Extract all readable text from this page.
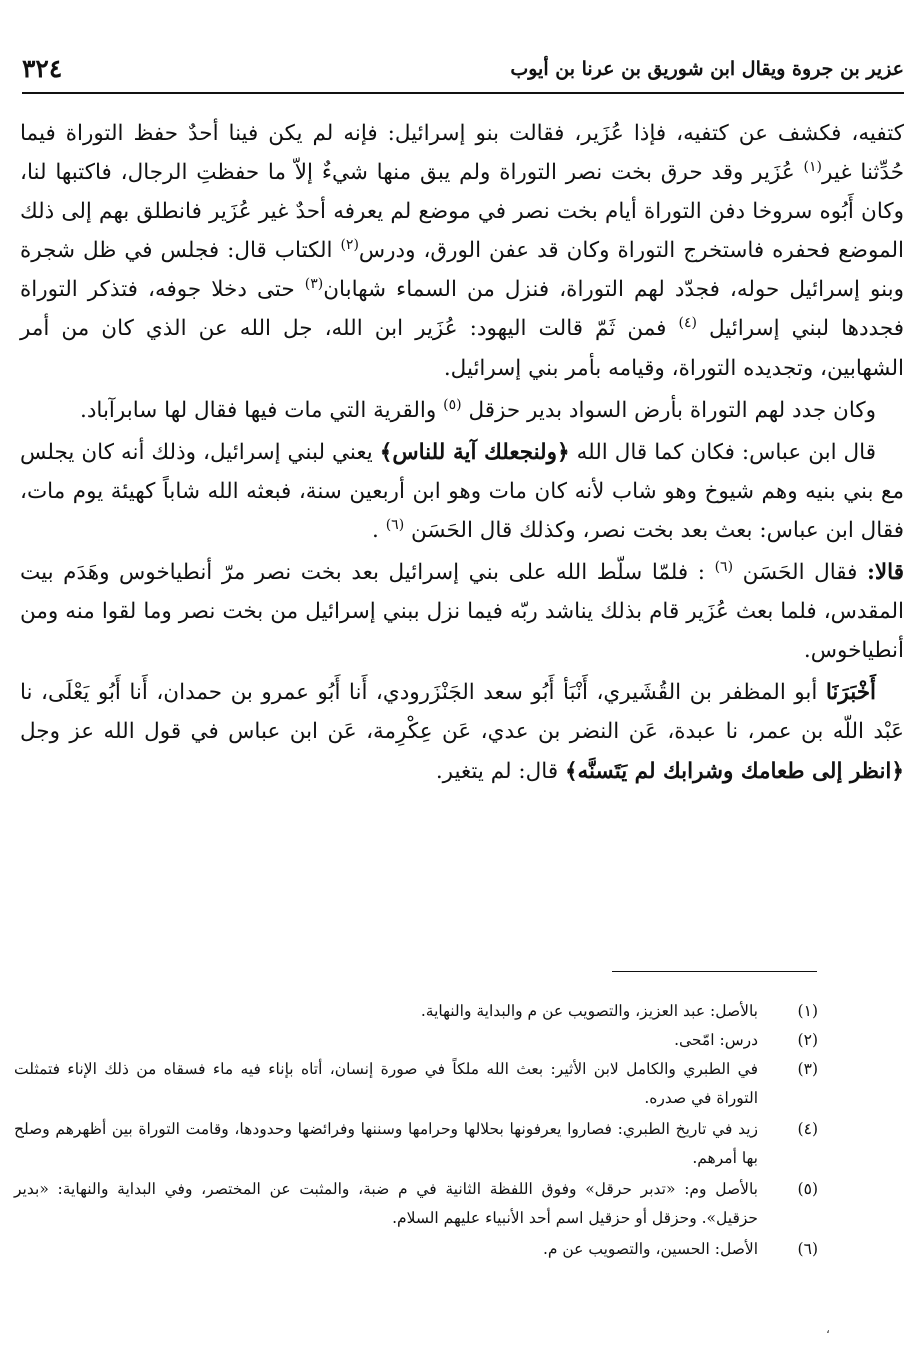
عزير بن جروة ويقال ابن شوريق بن عرنا بن أيوب
٣٢٤

كتفيه، فكشف عن كتفيه، فإذا عُزَير، فقالت بنو إسرائيل: فإنه لم يكن فينا أحدٌ حفظ التوراة فيما حُدِّثنا غير$^{(١)}$ عُزَير وقد حرق بخت نصر التوراة ولم يبق منها شيءٌ إلاّ ما حفظتِ الرجال، فاكتبها لنا، وكان أَبُوه سروخا دفن التوراة أيام بخت نصر في موضع لم يعرفه أحدٌ غير عُزَير فانطلق بهم إلى ذلك الموضع فحفره فاستخرج التوراة وكان قد عفن الورق، ودرس$^{(٢)}$ الكتاب قال: فجلس في ظل شجرة وبنو إسرائيل حوله، فجدّد لهم التوراة، فنزل من السماء شهابان$^{(٣)}$ حتى دخلا جوفه، فتذكر التوراة فجددها لبني إسرائيل $^{(٤)}$ فمن ثَمّ قالت اليهود: عُزَير ابن الله، جل الله عن الذي كان من أمر الشهابين، وتجديده التوراة، وقيامه بأمر بني إسرائيل.

وكان جدد لهم التوراة بأرض السواد بدير حزقل $^{(٥)}$ والقرية التي مات فيها فقال لها سابرآباد.

قال ابن عباس: فكان كما قال الله ﴿ولنجعلك آية للناس﴾ يعني لبني إسرائيل، وذلك أنه كان يجلس مع بني بنيه وهم شيوخ وهو شاب لأنه كان مات وهو ابن أربعين سنة، فبعثه الله شاباً كهيئة يوم مات، فقال ابن عباس: بعث بعد بخت نصر، وكذلك قال الحَسَن $^{(٦)}$ .

قالا: فقال الحَسَن $^{(٦)}$ : فلمّا سلّط الله على بني إسرائيل بعد بخت نصر مرّ أنطياخوس وهَدَم بيت المقدس، فلما بعث عُزَير قام بذلك يناشد ربّه فيما نزل ببني إسرائيل من بخت نصر وما لقوا منه ومن أنطياخوس.

أَخْبَرَنَا أبو المظفر بن القُشَيري، أَنْبَأ أَبُو سعد الجَنْزَرودي، أَنا أَبُو عمرو بن حمدان، أَنا أَبُو يَعْلَى، نا عَبْد اللّه بن عمر، نا عبدة، عَن النضر بن عدي، عَن عِكْرِمة، عَن ابن عباس في قول الله عز وجل ﴿انظر إلى طعامك وشرابك لم يَتَسنَّه﴾ قال: لم يتغير.

(١)
بالأصل: عبد العزيز، والتصويب عن م والبداية والنهاية.
(٢)
درس: امّحى.
(٣)
في الطبري والكامل لابن الأثير: بعث الله ملكاً في صورة إنسان، أتاه بإناء فيه ماء فسقاه من ذلك الإناء فتمثلت التوراة في صدره.
(٤)
زيد في تاريخ الطبري: فصاروا يعرفونها بحلالها وحرامها وسننها وفرائضها وحدودها، وقامت التوراة بين أظهرهم وصلح بها أمرهم.
(٥)
بالأصل وم: «تدبر حرقل» وفوق اللفظة الثانية في م ضبة، والمثبت عن المختصر، وفي البداية والنهاية: «بدير حزقيل». وحزقل أو حزقيل اسم أحد الأنبياء عليهم السلام.
(٦)
الأصل: الحسين، والتصويب عن م.
،
